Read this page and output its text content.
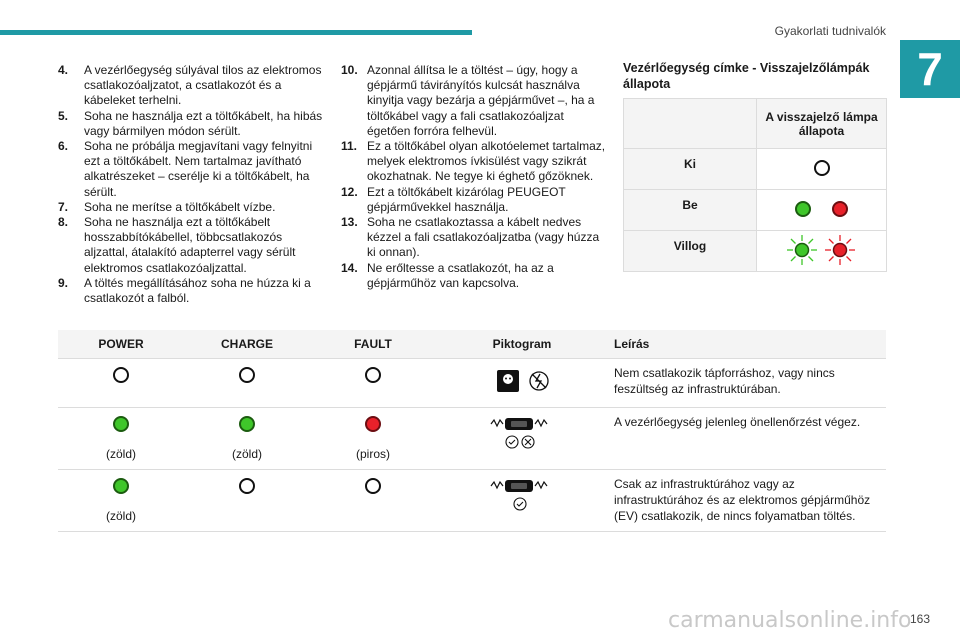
Gyakorlati tudnivalók
7
4.	A vezérlőegység súlyával tilos az elektromos csatlakozóaljzatot, a csatlakozót és a kábeleket terhelni.
5.	Soha ne használja ezt a töltőkábelt, ha hibás vagy bármilyen módon sérült.
6.	Soha ne próbálja megjavítani vagy felnyitni ezt a töltőkábelt. Nem tartalmaz javítható alkatrészeket – cserélje ki a töltőkábelt, ha sérült.
7.	Soha ne merítse a töltőkábelt vízbe.
8.	Soha ne használja ezt a töltőkábelt hosszabbítókábellel, többcsatlakozós aljzattal, átalakító adapterrel vagy sérült elektromos csatlakozóaljzattal.
9.	A töltés megállításához soha ne húzza ki a csatlakozót a falból.
10. Azonnal állítsa le a töltést – úgy, hogy a gépjármű távirányítós kulcsát használva kinyitja vagy bezárja a gépjárművet –, ha a töltőkábel vagy a fali csatlakozóaljzat égetően forróra felhevül.
11. Ez a töltőkábel olyan alkotóelemet tartalmaz, melyek elektromos ívkisülést vagy szikrát okozhatnak. Ne tegye ki éghető gőzöknek.
12. Ezt a töltőkábelt kizárólag PEUGEOT gépjárművekkel használja.
13. Soha ne csatlakoztassa a kábelt nedves kézzel a fali csatlakozóaljzatba (vagy húzza ki onnan).
14. Ne erőltesse a csatlakozót, ha az a gépjárműhöz van kapcsolva.
Vezérlőegység címke - Visszajelzőlámpák állapota
	A visszajelző lámpa állapota
Ki	
Be	
Villog	
POWER	CHARGE	FAULT	Piktogram	Leírás
				Nem csatlakozik tápforráshoz, vagy nincs feszültség az infrastruktúrában.

(zöld)	(zöld)	(piros)		A vezérlőegység jelenleg önellenőrzést végez.

(zöld)				Csak az infrastruktúrához vagy az infrastruktúrához és az elektromos gépjárműhöz (EV) csatlakozik, de nincs folyamatban töltés.
carmanualsonline.info
163
